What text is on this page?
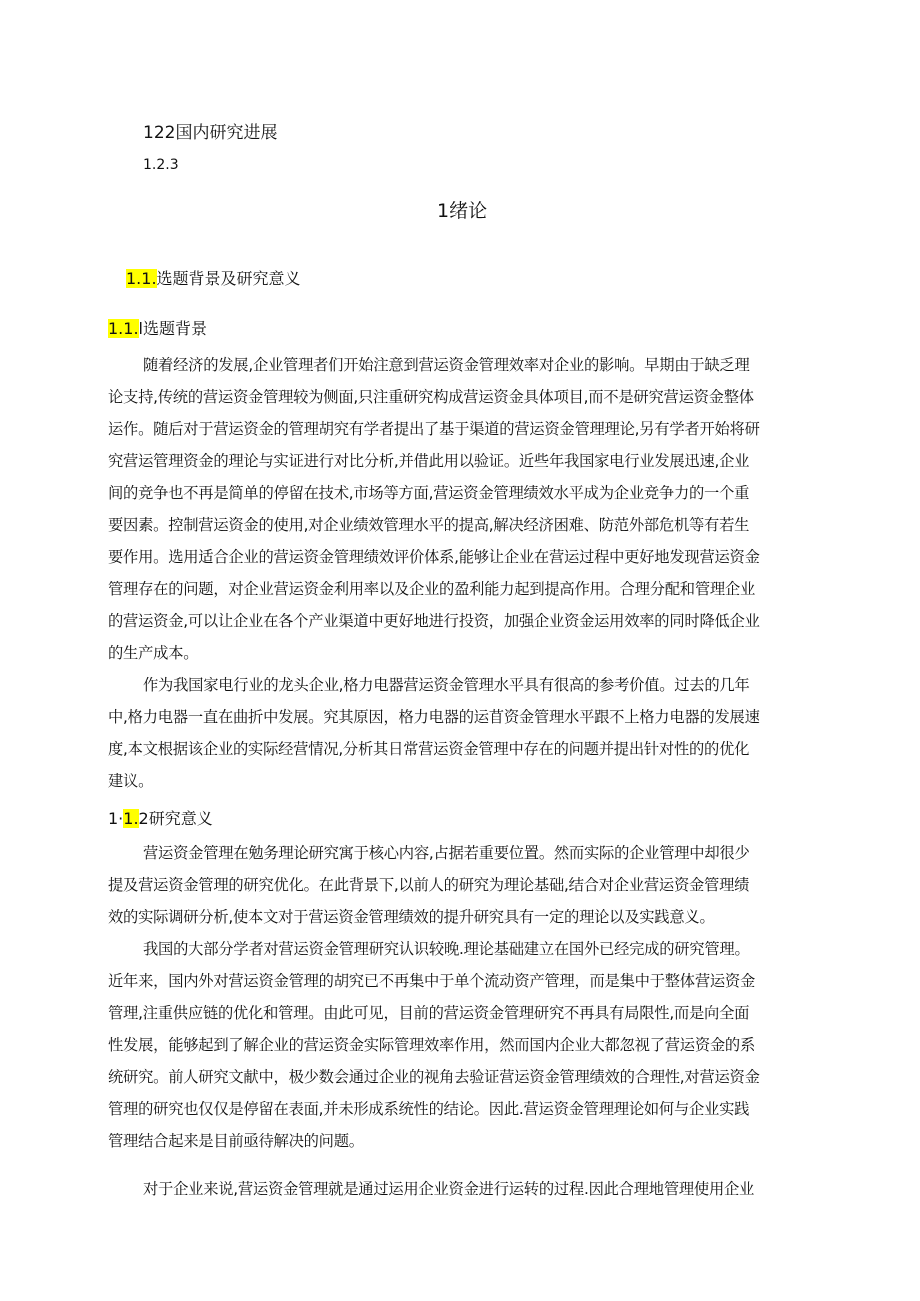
122国内研究进展
1.2.3
1绪论
1.1.选题背景及研究意义
1.1.l选题背景
随着经济的发展,企业管理者们开始注意到营运资金管理效率对企业的影响。早期由于缺乏理
论支持,传统的营运资金管理较为侧面,只注重研究构成营运资金具体项目,而不是研究营运资金整体
运作。随后对于营运资金的管理胡究有学者提出了基于渠道的营运资金管理理论,另有学者开始将研
究营运管理资金的理论与实证进行对比分析,并借此用以验证。近些年我国家电行业发展迅速,企业
间的竞争也不再是简单的停留在技术,市场等方面,营运资金管理绩效水平成为企业竞争力的一个重
要因素。控制营运资金的使用,对企业绩效管理水平的提高,解决经济困难、防范外部危机等有若生
要作用。选用适合企业的营运资金管理绩效评价体系,能够让企业在营运过程中更好地发现营运资金
管理存在的问题，对企业营运资金利用率以及企业的盈利能力起到提高作用。合理分配和管理企业
的营运资金,可以让企业在各个产业渠道中更好地进行投资，加强企业资金运用效率的同时降低企业
的生产成本。
作为我国家电行业的龙头企业,格力电器营运资金管理水平具有很高的参考价值。过去的几年
中,格力电器一直在曲折中发展。究其原因，格力电器的运苜资金管理水平跟不上格力电器的发展速
度,本文根据该企业的实际经营情况,分析其日常营运资金管理中存在的问题并提出针对性的的优化
建议。
1·1.2研究意义
营运资金管理在勉务理论研究寓于核心内容,占据若重要位置。然而实际的企业管理中却很少
提及营运资金管理的研究优化。在此背景下,以前人的研究为理论基础,结合对企业营运资金管理绩
效的实际调研分析,使本文对于营运资金管理绩效的提升研究具有一定的理论以及实践意义。
我国的大部分学者对营运资金管理研究认识较晚.理论基础建立在国外已经完成的研究管理。
近年来，国内外对营运资金管理的胡究已不再集中于单个流动资产管理，而是集中于整体营运资金
管理,注重供应链的优化和管理。由此可见，目前的营运资金管理研究不再具有局限性,而是向全面
性发展，能够起到了解企业的营运资金实际管理效率作用，然而国内企业大都忽视了营运资金的系
统研究。前人研究文献中，极少数会通过企业的视角去验证营运资金管理绩效的合理性,对营运资金
管理的研究也仅仅是停留在表面,并未形成系统性的结论。因此.营运资金管理理论如何与企业实践
管理结合起来是目前亟待解决的问题。
对于企业来说,营运资金管理就是通过运用企业资金进行运转的过程.因此合理地管理使用企业
